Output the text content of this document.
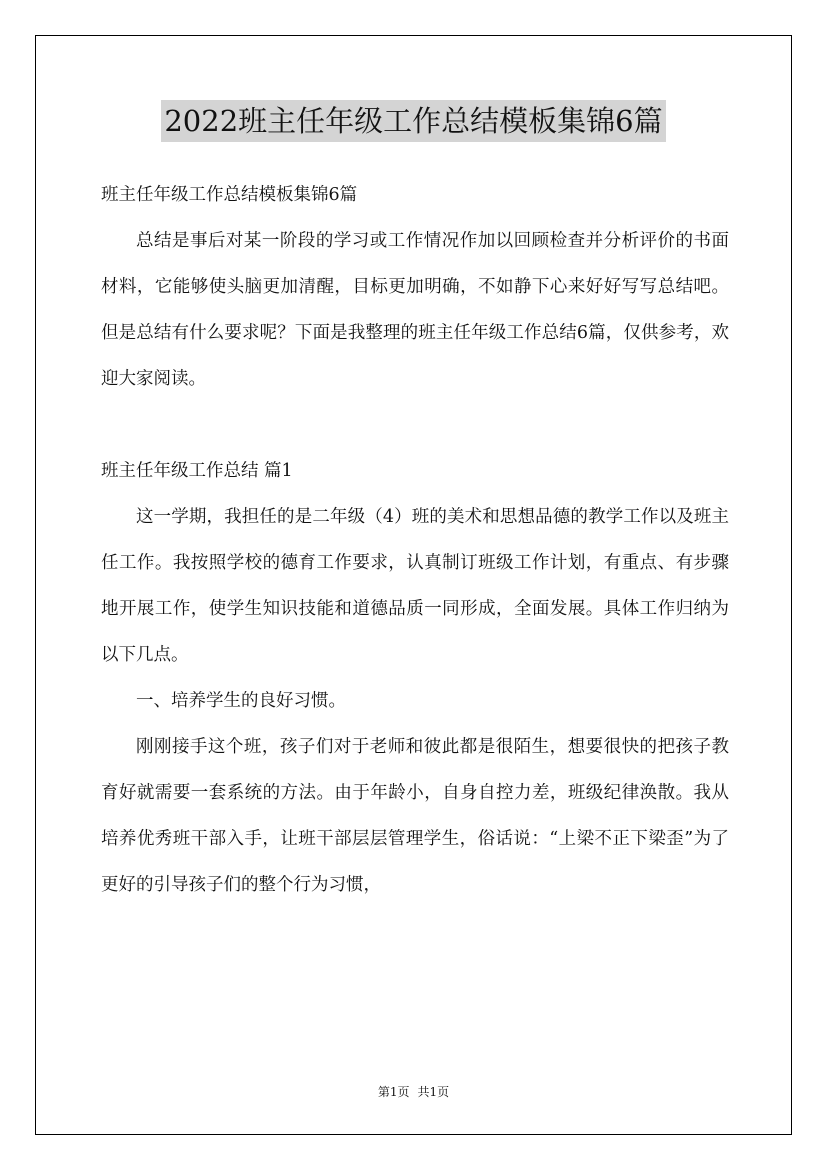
2022班主任年级工作总结模板集锦6篇

班主任年级工作总结模板集锦6篇

总结是事后对某一阶段的学习或工作情况作加以回顾检查并分析评价的书面材料，它能够使头脑更加清醒，目标更加明确，不如静下心来好好写写总结吧。但是总结有什么要求呢？下面是我整理的班主任年级工作总结6篇，仅供参考，欢迎大家阅读。

班主任年级工作总结 篇1

这一学期，我担任的是二年级（4）班的美术和思想品德的教学工作以及班主任工作。我按照学校的德育工作要求，认真制订班级工作计划，有重点、有步骤地开展工作，使学生知识技能和道德品质一同形成，全面发展。具体工作归纳为以下几点。

一、培养学生的良好习惯。

刚刚接手这个班，孩子们对于老师和彼此都是很陌生，想要很快的把孩子教育好就需要一套系统的方法。由于年龄小，自身自控力差，班级纪律涣散。我从培养优秀班干部入手，让班干部层层管理学生，俗话说：“上梁不正下梁歪”为了更好的引导孩子们的整个行为习惯，

第1页 共1页
